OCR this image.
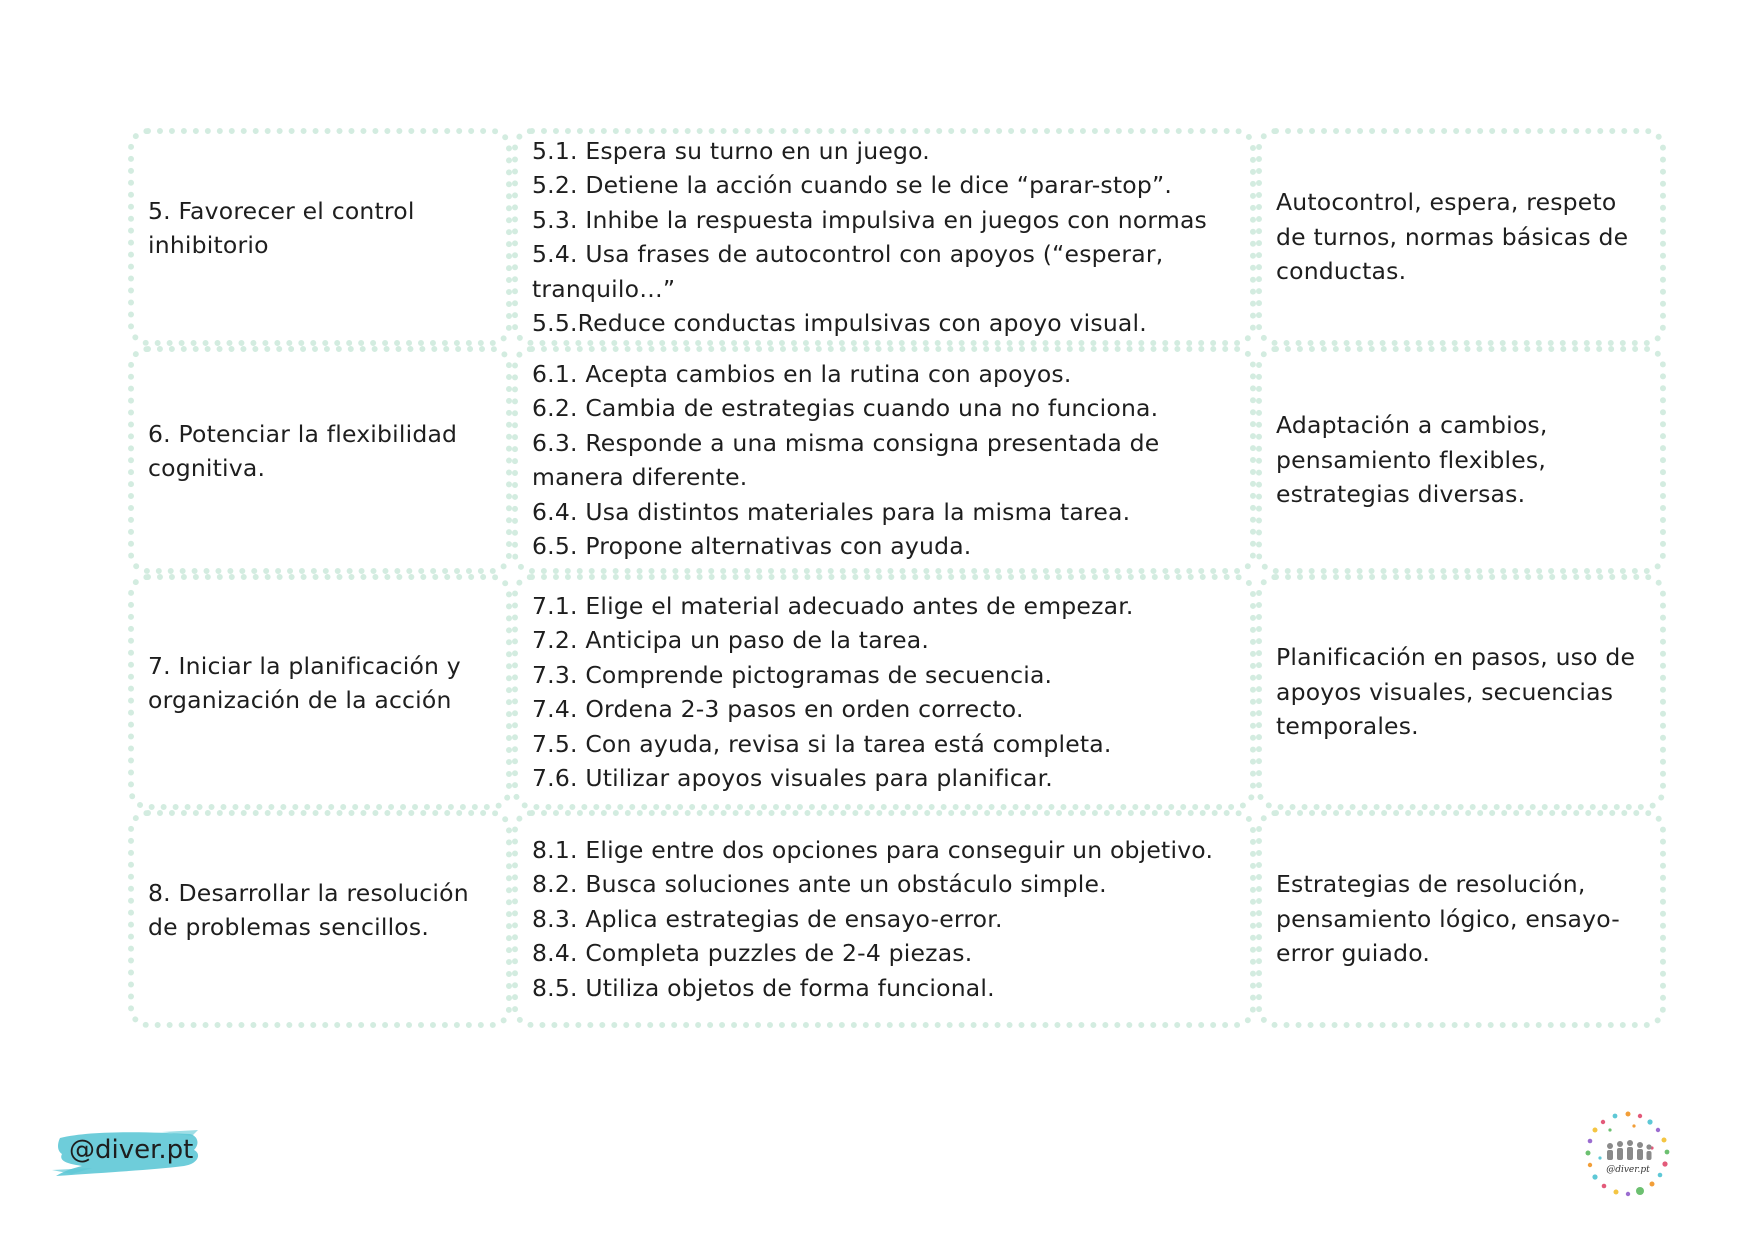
5. Favorecer el control inhibitorio
5.1. Espera su turno en un juego.
5.2. Detiene la acción cuando se le dice “parar-stop”.
5.3. Inhibe la respuesta impulsiva en juegos con normas
5.4. Usa frases de autocontrol con apoyos (“esperar, tranquilo…”
5.5.Reduce conductas impulsivas con apoyo visual.
Autocontrol, espera, respeto de turnos, normas básicas de conductas.
6. Potenciar la flexibilidad cognitiva.
6.1. Acepta cambios en la rutina con apoyos.
6.2. Cambia de estrategias cuando una no funciona.
6.3. Responde a una misma consigna presentada de manera diferente.
6.4. Usa distintos materiales para la misma tarea.
6.5. Propone alternativas con ayuda.
Adaptación a cambios, pensamiento flexibles, estrategias diversas.
7. Iniciar la planificación y organización de la acción
7.1. Elige el material adecuado antes de empezar.
7.2. Anticipa un paso de la tarea.
7.3. Comprende pictogramas de secuencia.
7.4. Ordena 2-3 pasos en orden correcto.
7.5. Con ayuda, revisa si la tarea está completa.
7.6. Utilizar apoyos visuales para planificar.
Planificación en pasos, uso de apoyos visuales, secuencias temporales.
8. Desarrollar la resolución de problemas sencillos.
8.1. Elige entre dos opciones para conseguir un objetivo.
8.2. Busca soluciones ante un obstáculo simple.
8.3. Aplica estrategias de ensayo-error.
8.4. Completa puzzles de 2-4 piezas.
8.5. Utiliza objetos de forma funcional.
Estrategias de resolución, pensamiento lógico, ensayo-error guiado.
@diver.pt
@diver.pt
